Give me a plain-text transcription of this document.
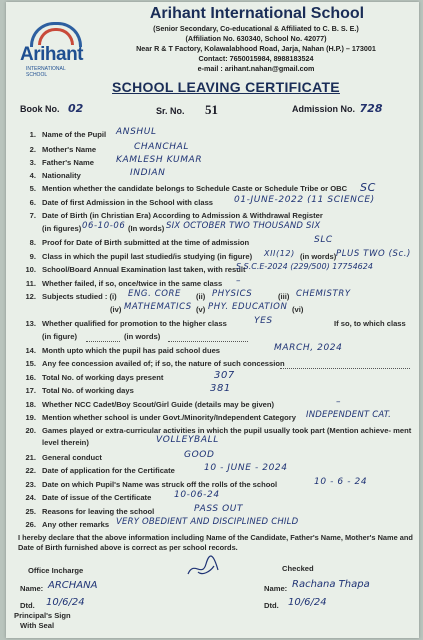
Arihant
INTERNATIONAL SCHOOL
Arihant International School
(Senior Secondary, Co-educational & Affiliated to C. B. S. E.)
(Affiliation No. 630340, School No. 42077)
Near R & T Factory, Kolawalabhood Road, Jarja, Nahan (H.P.) – 173001
Contact: 7650015984, 8988183524
e-mail : arihant.nahan@gmail.com
SCHOOL LEAVING CERTIFICATE
Book No. 02	Sr. No. 51	Admission No. 728
1. Name of the Pupil ANSHUL
2. Mother's Name	CHANCHAL
3. Father's Name KAMLESH KUMAR
4. Nationality	INDIAN
5. Mention whether the candidate belongs to Schedule Caste or Schedule Tribe or OBC SC
6. Date of first Admission in the School with class 01-JUNE-2022 (11 SCIENCE)
7. Date of Birth (in Christian Era) According to Admission & Withdrawal Register
(in figures) 06-10-06 (In words) SIX OCTOBER TWO THOUSAND SIX
8. Proof for Date of Birth submitted at the time of admission	SLC
9. Class in which the pupil last studied/is studying (in figure) XII(12) (in words) PLUS TWO (Sc.)
10. School/Board Annual Examination last taken, with result
S.S.C.E-2024 (229/500) 17754624
11. Whether failed, if so, once/twice in the same class –
12. Subjects studied : (i) ENG. CORE (ii) PHYSICS	(iii) CHEMISTRY
(iv) MATHEMATICS (v) PHY. EDUCATION (vi)
13. Whether qualified for promotion to the higher class	YES	If so, to which class
(in figure)	(in words)
14. Month upto which the pupil has paid school dues	MARCH, 2024
15. Any fee concession availed of; if so, the nature of such concession
16. Total No. of working days present	307
17. Total No. of working days	381
18. Whether NCC Cadet/Boy Scout/Girl Guide (details may be given)	–
19. Mention whether school is under Govt./Minority/Independent Category INDEPENDENT CAT.
20. Games played or extra-curricular activities in which the pupil usually took part (Mention achieve- ment
level therein)	VOLLEYBALL
21. General conduct	GOOD
22. Date of application for the Certificate	10 - JUNE - 2024
23. Date on which Pupil's Name was struck off the rolls of the school	10 - 6 - 24
24. Date of issue of the Certificate	10-06-24
25. Reasons for leaving the school	PASS OUT
26. Any other remarks VERY OBEDIENT AND DISCIPLINED CHILD
I hereby declare that the above information including Name of the Candidate, Father's Name, Mother's Name and Date of Birth furnished above is correct as per school records.
Office Incharge
Name: ARCHANA
Dtd. 10/6/24
Checked
Name: Rachana Thapa
Dtd. 10/6/24
Principal's Sign
With Seal
